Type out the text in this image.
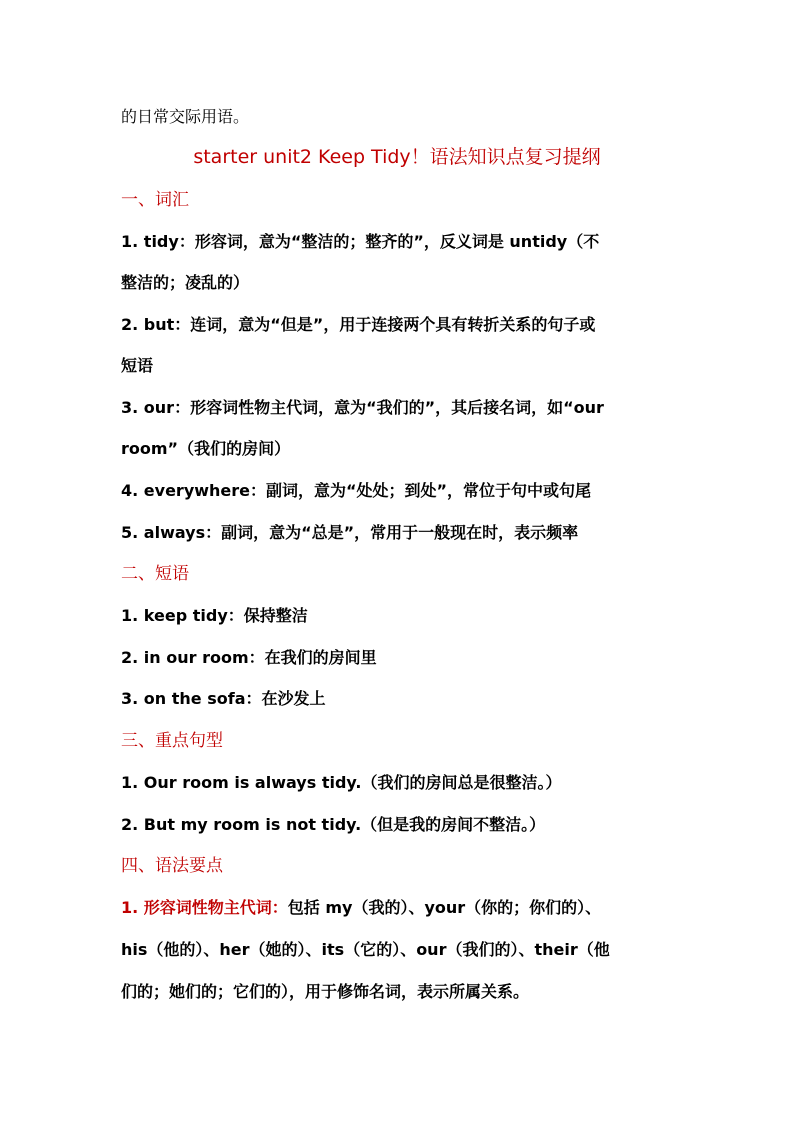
的日常交际用语。
starter unit2 Keep Tidy！语法知识点复习提纲
一、词汇
1. tidy：形容词，意为“整洁的；整齐的”，反义词是 untidy（不
整洁的；凌乱的）
2. but：连词，意为“但是”，用于连接两个具有转折关系的句子或
短语
3. our：形容词性物主代词，意为“我们的”，其后接名词，如“our
room”（我们的房间）
4. everywhere：副词，意为“处处；到处”，常位于句中或句尾
5. always：副词，意为“总是”，常用于一般现在时，表示频率
二、短语
1. keep tidy：保持整洁
2. in our room：在我们的房间里
3. on the sofa：在沙发上
三、重点句型
1. Our room is always tidy.（我们的房间总是很整洁。）
2. But my room is not tidy.（但是我的房间不整洁。）
四、语法要点
1. 形容词性物主代词：包括 my（我的）、your（你的；你们的）、
his（他的）、her（她的）、its（它的）、our（我们的）、their（他
们的；她们的；它们的），用于修饰名词，表示所属关系。
